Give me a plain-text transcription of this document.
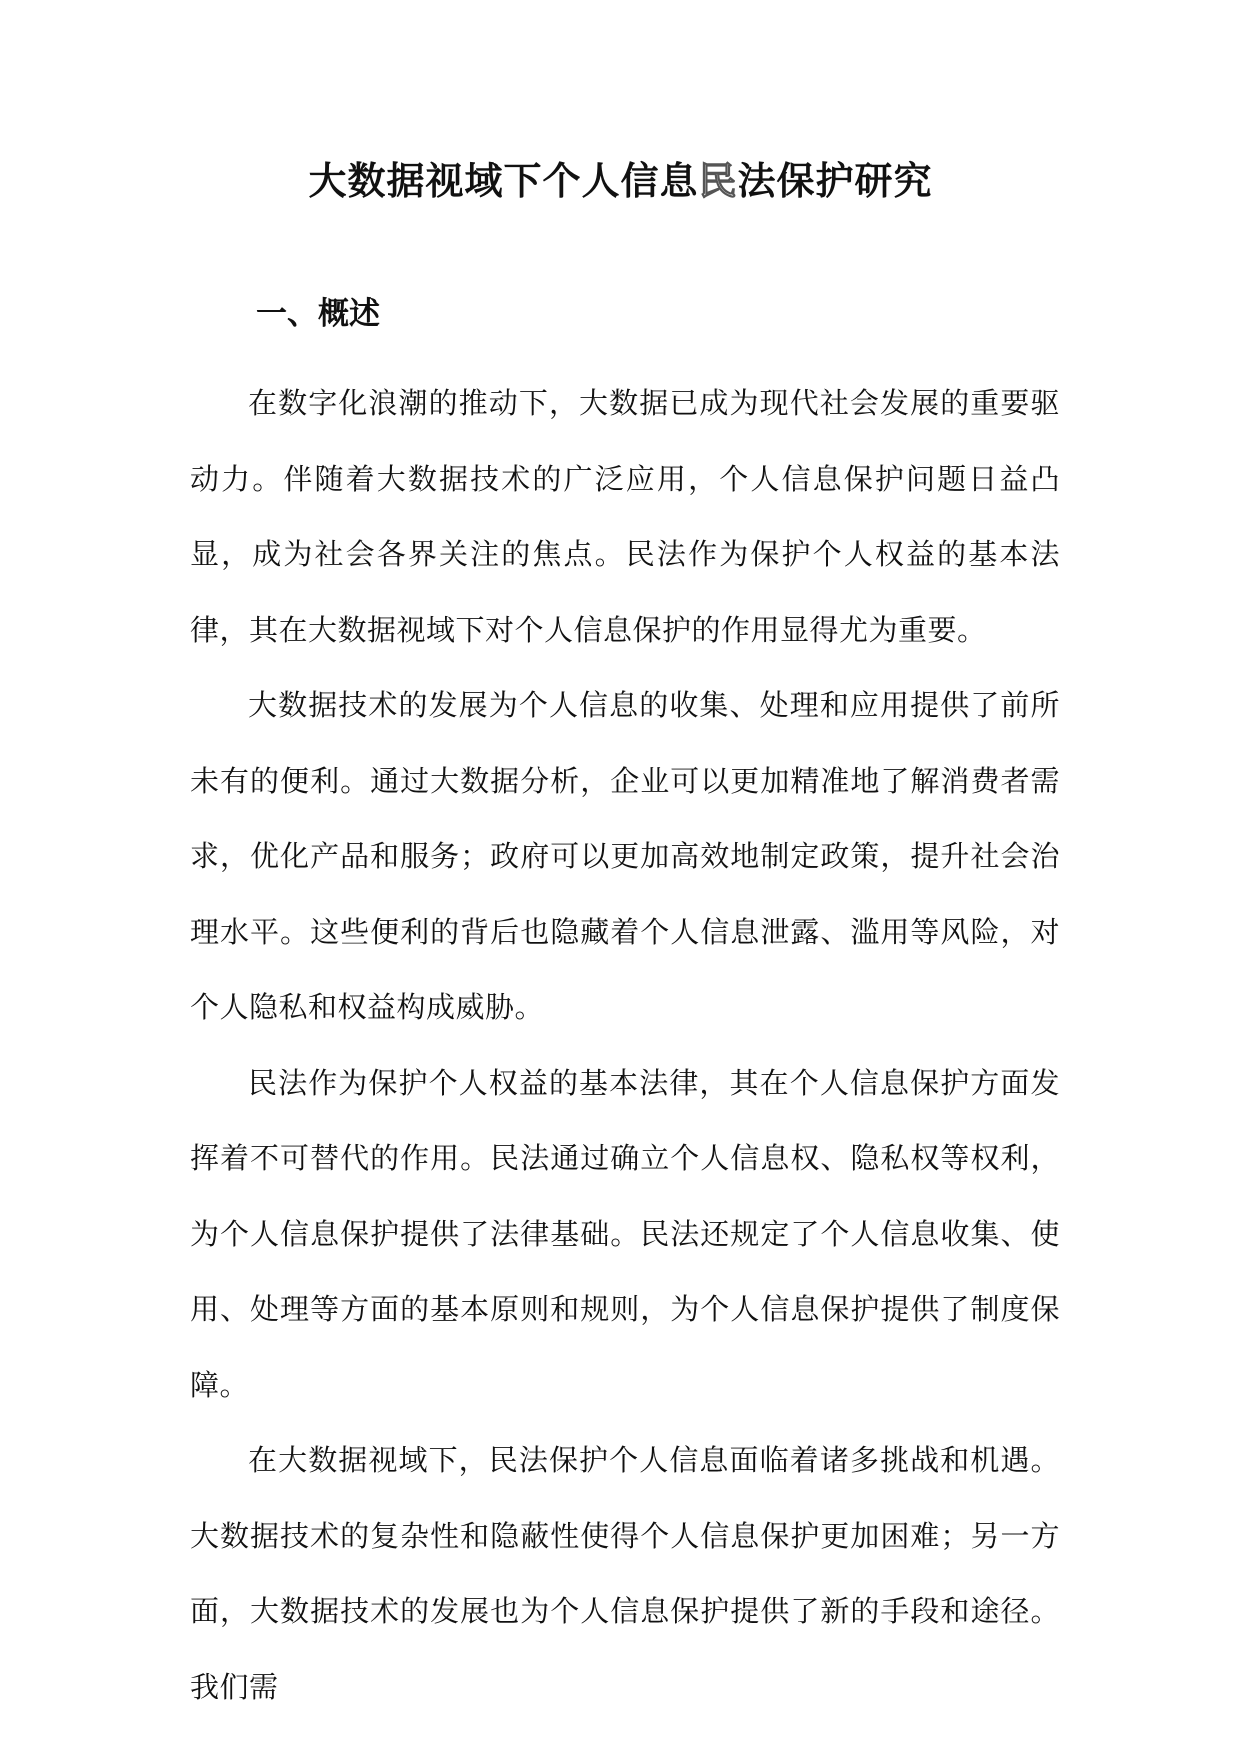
大数据视域下个人信息民法保护研究
一、概述

在数字化浪潮的推动下，大数据已成为现代社会发展的重要驱动力。伴随着大数据技术的广泛应用，个人信息保护问题日益凸显，成为社会各界关注的焦点。民法作为保护个人权益的基本法律，其在大数据视域下对个人信息保护的作用显得尤为重要。

大数据技术的发展为个人信息的收集、处理和应用提供了前所未有的便利。通过大数据分析，企业可以更加精准地了解消费者需求，优化产品和服务；政府可以更加高效地制定政策，提升社会治理水平。这些便利的背后也隐藏着个人信息泄露、滥用等风险，对个人隐私和权益构成威胁。

民法作为保护个人权益的基本法律，其在个人信息保护方面发挥着不可替代的作用。民法通过确立个人信息权、隐私权等权利，为个人信息保护提供了法律基础。民法还规定了个人信息收集、使用、处理等方面的基本原则和规则，为个人信息保护提供了制度保障。

在大数据视域下，民法保护个人信息面临着诸多挑战和机遇。大数据技术的复杂性和隐蔽性使得个人信息保护更加困难；另一方面，大数据技术的发展也为个人信息保护提供了新的手段和途径。我们需
